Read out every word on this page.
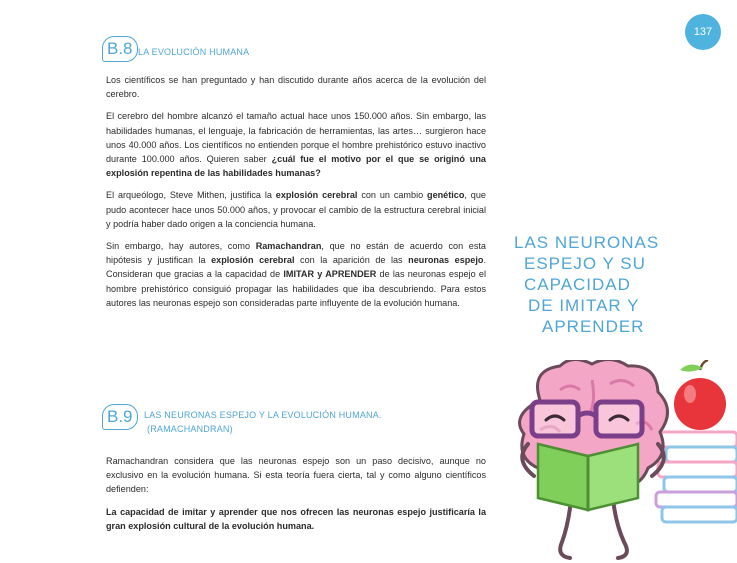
137
B.8 LA EVOLUCIÓN HUMANA

Los científicos se han preguntado y han discutido durante años acerca de la evolución del cerebro.

El cerebro del hombre alcanzó el tamaño actual hace unos 150.000 años. Sin embargo, las habilidades humanas, el lenguaje, la fabricación de herramientas, las artes… surgieron hace unos 40.000 años. Los científicos no entienden porque el hombre prehistórico estuvo inactivo durante 100.000 años. Quieren saber ¿cuál fue el motivo por el que se originó una explosión repentina de las habilidades humanas?

El arqueólogo, Steve Mithen, justifica la explosión cerebral con un cambio genético, que pudo acontecer hace unos 50.000 años, y provocar el cambio de la estructura cerebral inicial y podría haber dado origen a la conciencia humana.

Sin embargo, hay autores, como Ramachandran, que no están de acuerdo con esta hipótesis y justifican la explosión cerebral con la aparición de las neuronas espejo. Consideran que gracias a la capacidad de IMITAR y APRENDER de las neuronas espejo el hombre prehistórico consiguió propagar las habilidades que iba descubriendo. Para estos autores las neuronas espejo son consideradas parte influyente de la evolución humana.

B.9	LAS NEURONAS ESPEJO Y LA EVOLUCIÓN HUMANA.
(RAMACHANDRAN)

Ramachandran considera que las neuronas espejo son un paso decisivo, aunque no exclusivo en la evolución humana. Si esta teoría fuera cierta, tal y como alguno científicos defienden:

La capacidad de imitar y aprender que nos ofrecen las neuronas espejo justificaría la gran explosión cultural de la evolución humana.

LAS NEURONAS
ESPEJO Y SU
CAPACIDAD
DE IMITAR Y
APRENDER
